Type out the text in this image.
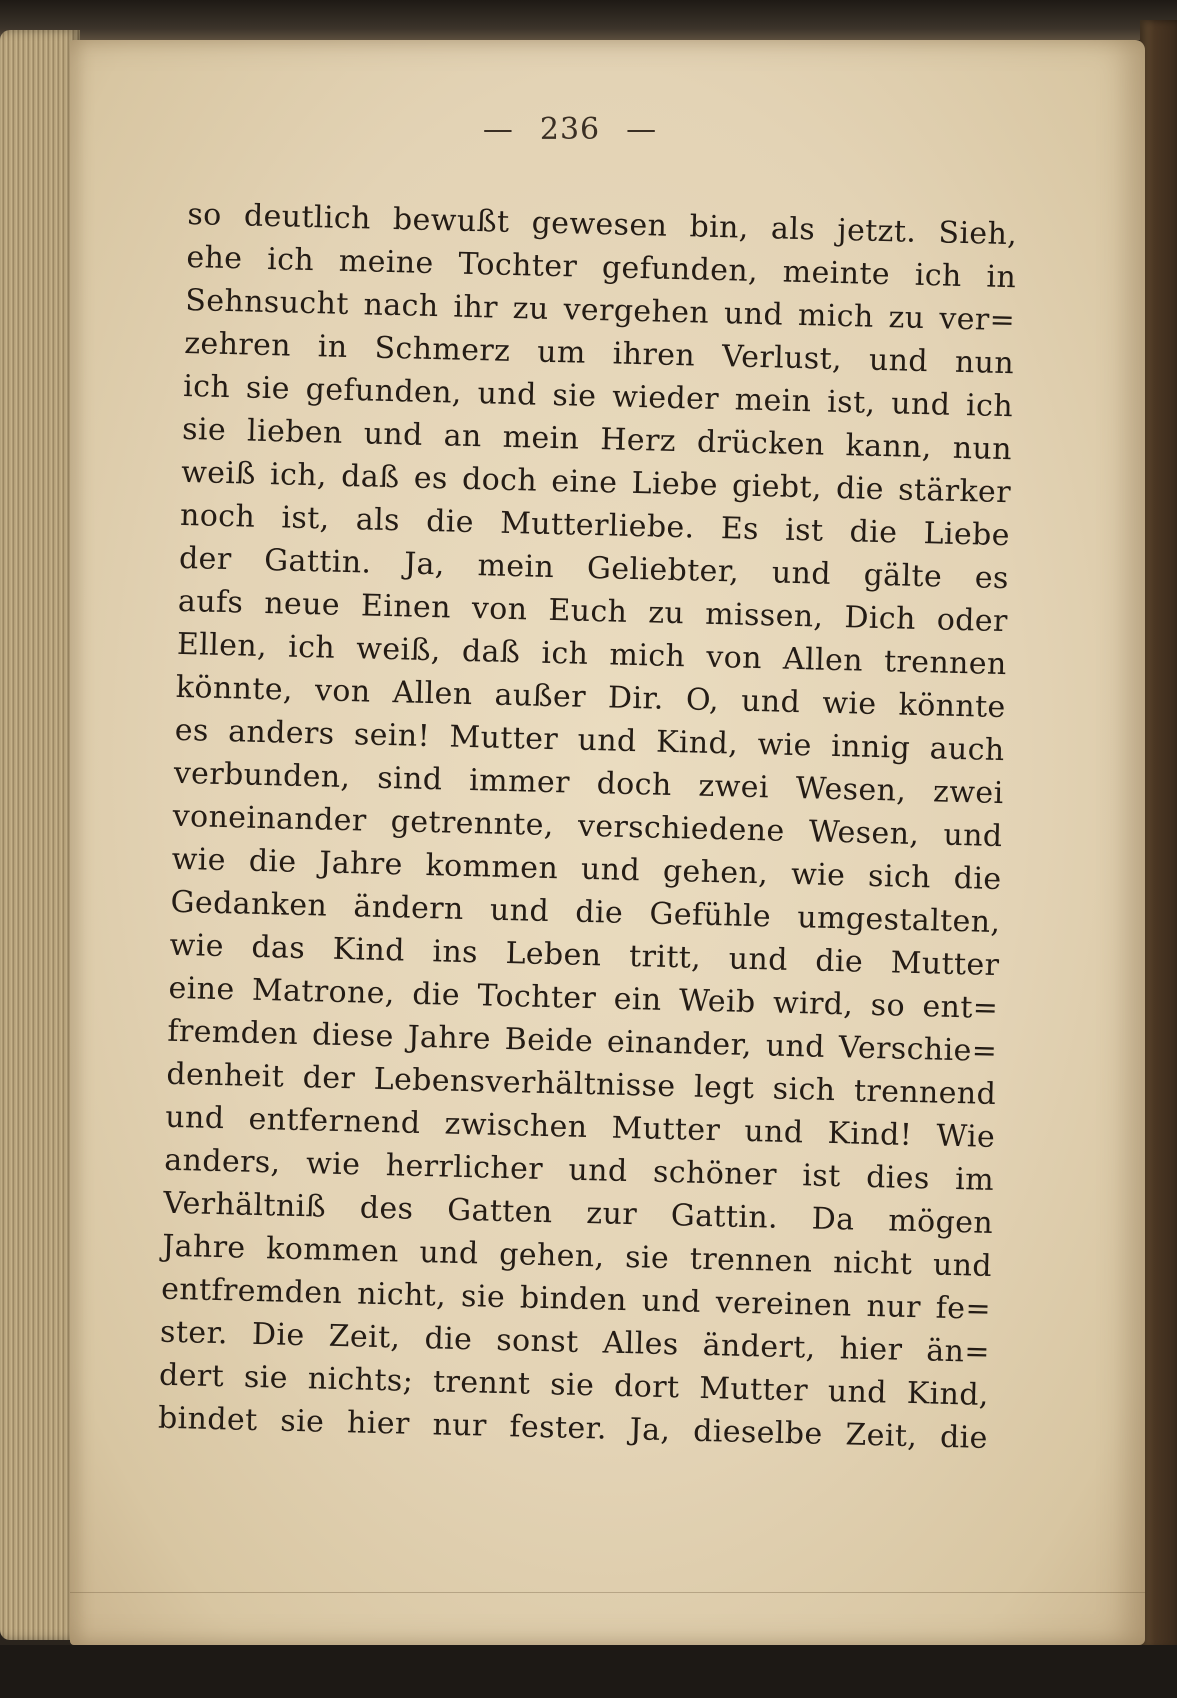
— 236 —
so deutlich bewußt gewesen bin, als jetzt. Sieh,
ehe ich meine Tochter gefunden, meinte ich in
Sehnsucht nach ihr zu vergehen und mich zu ver=
zehren in Schmerz um ihren Verlust, und nun
ich sie gefunden, und sie wieder mein ist, und ich
sie lieben und an mein Herz drücken kann, nun
weiß ich, daß es doch eine Liebe giebt, die stärker
noch ist, als die Mutterliebe. Es ist die Liebe
der Gattin. Ja, mein Geliebter, und gälte es
aufs neue Einen von Euch zu missen, Dich oder
Ellen, ich weiß, daß ich mich von Allen trennen
könnte, von Allen außer Dir. O, und wie könnte
es anders sein! Mutter und Kind, wie innig auch
verbunden, sind immer doch zwei Wesen, zwei
voneinander getrennte, verschiedene Wesen, und
wie die Jahre kommen und gehen, wie sich die
Gedanken ändern und die Gefühle umgestalten,
wie das Kind ins Leben tritt, und die Mutter
eine Matrone, die Tochter ein Weib wird, so ent=
fremden diese Jahre Beide einander, und Verschie=
denheit der Lebensverhältnisse legt sich trennend
und entfernend zwischen Mutter und Kind! Wie
anders, wie herrlicher und schöner ist dies im
Verhältniß des Gatten zur Gattin. Da mögen
Jahre kommen und gehen, sie trennen nicht und
entfremden nicht, sie binden und vereinen nur fe=
ster. Die Zeit, die sonst Alles ändert, hier än=
dert sie nichts; trennt sie dort Mutter und Kind,
bindet sie hier nur fester. Ja, dieselbe Zeit, die
